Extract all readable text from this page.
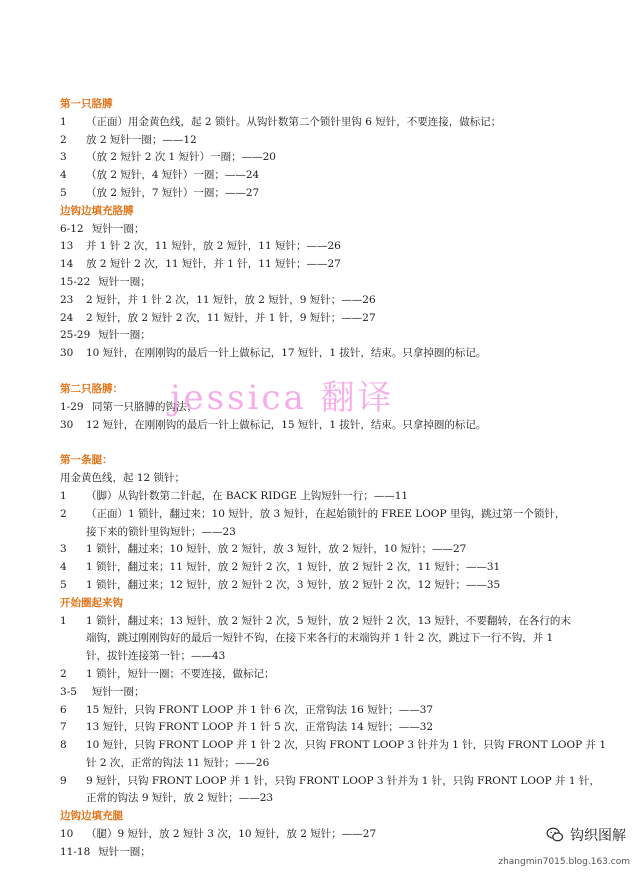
第一只胳膊
1	（正面）用金黄色线，起 2 锁针。从钩针数第二个锁针里钩 6 短针，不要连接，做标记；
2	放 2 短针一圈；——12
3	（放 2 短针 2 次 1 短针）一圈；——20
4	（放 2 短针，4 短针）一圈；——24
5	（放 2 短针，7 短针）一圈；——27
边钩边填充胳膊
6-12 短针一圈；
13 并 1 针 2 次，11 短针，放 2 短针，11 短针；——26
14 放 2 短针 2 次，11 短针，并 1 针，11 短针；——27
15-22 短针一圈；
23 2 短针，并 1 针 2 次，11 短针，放 2 短针，9 短针；——26
24 2 短针，放 2 短针 2 次，11 短针，并 1 针，9 短针；——27
25-29 短针一圈；
30 10 短针，在刚刚钩的最后一针上做标记，17 短针，1 拔针，结束。只拿掉圈的标记。
第二只胳膊：
1-29 同第一只胳膊的钩法；
30 12 短针，在刚刚钩的最后一针上做标记，15 短针，1 拔针，结束。只拿掉圈的标记。
第一条腿：
用金黄色线，起 12 锁针；
1	（脚）从钩针数第二针起，在 BACK RIDGE 上钩短针一行；——11
2	（正面）1 锁针，翻过来；10 短针，放 3 短针，在起始锁针的 FREE LOOP 里钩，跳过第一个锁针，
接下来的锁针里钩短针；——23
3	1 锁针，翻过来；10 短针，放 2 短针，放 3 短针，放 2 短针，10 短针；——27
4	1 锁针，翻过来；11 短针，放 2 短针 2 次，1 短针，放 2 短针 2 次，11 短针；——31
5	1 锁针，翻过来；12 短针，放 2 短针 2 次，3 短针，放 2 短针 2 次，12 短针；——35
开始圈起来钩
1	1 锁针，翻过来；13 短针，放 2 短针 2 次，5 短针，放 2 短针 2 次，13 短针，不要翻转，在各行的末
端钩，跳过刚刚钩好的最后一短针不钩，在接下来各行的末端钩并 1 针 2 次，跳过下一行不钩，并 1
针，拔针连接第一针；——43
2	1 锁针，短针一圈；不要连接，做标记；
3-5	短针一圈；
6	15 短针，只钩 FRONT LOOP 并 1 针 6 次，正常钩法 16 短针；——37
7	13 短针，只钩 FRONT LOOP 并 1 针 5 次，正常钩法 14 短针；——32
8	10 短针，只钩 FRONT LOOP 并 1 针 2 次，只钩 FRONT LOOP 3 针并为 1 针，只钩 FRONT LOOP 并 1
针 2 次，正常的钩法 11 短针；——26
9	9 短针，只钩 FRONT LOOP 并 1 针，只钩 FRONT LOOP 3 针并为 1 针，只钩 FRONT LOOP 并 1 针，
正常的钩法 9 短针，放 2 短针；——23
边钩边填充腿
10 （腿）9 短针，放 2 短针 3 次，10 短针，放 2 短针；——27
11-18 短针一圈；
jessica 翻译
钩织图解
zhangmin7015.blog.163.com
